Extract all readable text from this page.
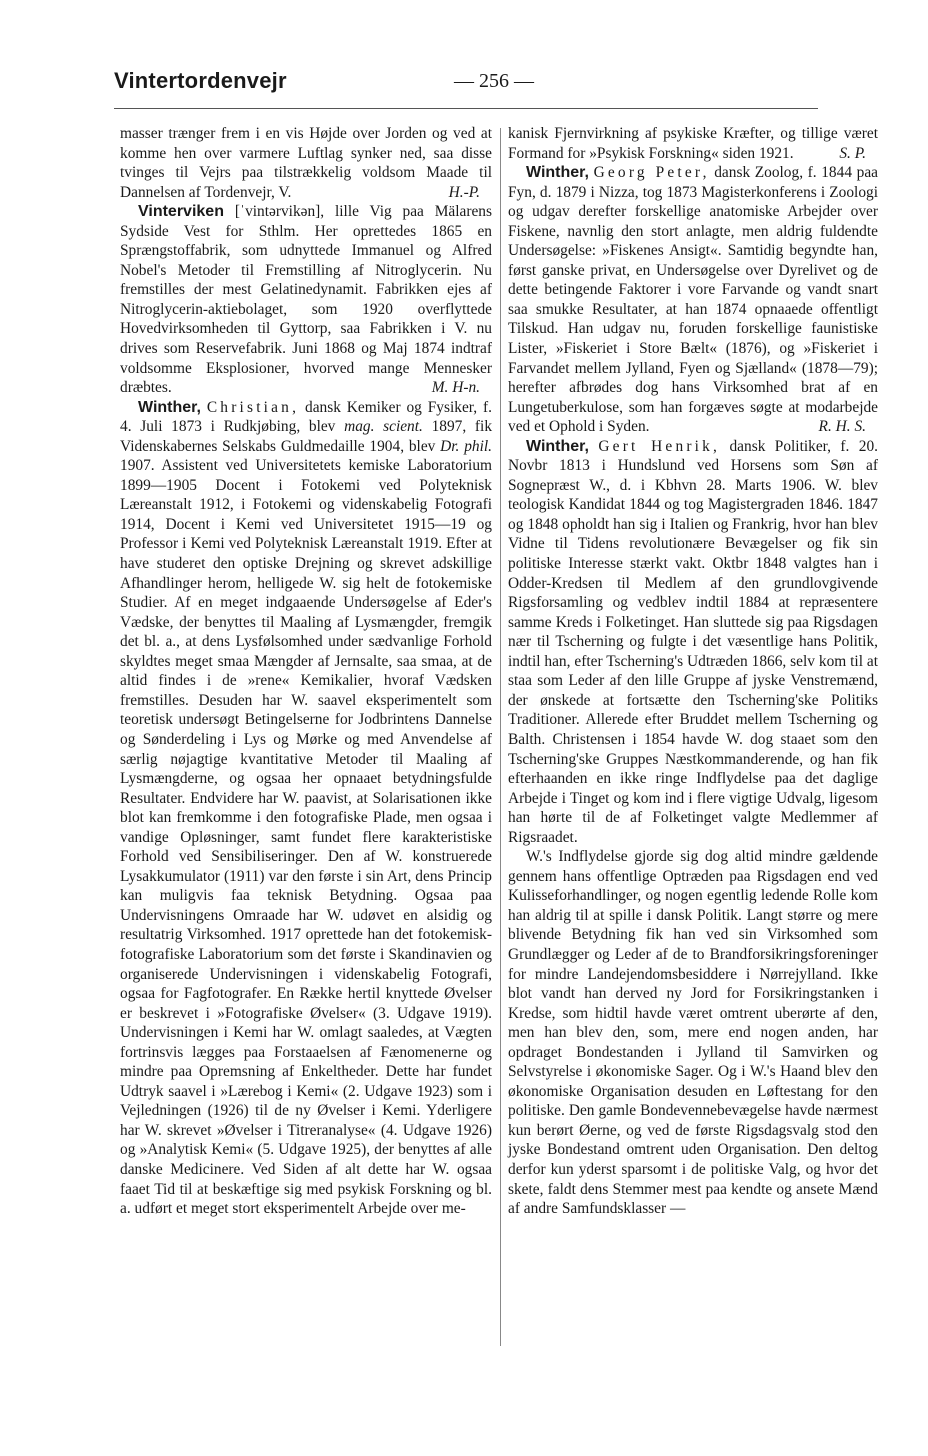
Vintertordenvejr	— 256 —

masser trænger frem i en vis Højde over Jorden og ved at komme hen over varmere Luftlag synker ned, saa disse tvinges til Vejrs paa tilstrækkelig voldsom Maade til Dannelsen af Tordenvejr, V.	H.-P.

Vinterviken [ˈvintərvikən], lille Vig paa Mälarens Sydside Vest for Sthlm. Her oprettedes 1865 en Sprængstoffabrik, som udnyttede Immanuel og Alfred Nobel's Metoder til Fremstilling af Nitroglycerin. Nu fremstilles der mest Gelatinedynamit. Fabrikken ejes af Nitroglycerin-aktiebolaget, som 1920 overflyttede Hovedvirksomheden til Gyttorp, saa Fabrikken i V. nu drives som Reservefabrik. Juni 1868 og Maj 1874 indtraf voldsomme Eksplosioner, hvorved mange Mennesker dræbtes.	M. H-n.

Winther, Christian, dansk Kemiker og Fysiker, f. 4. Juli 1873 i Rudkjøbing, blev mag. scient. 1897, fik Videnskabernes Selskabs Guldmedaille 1904, blev Dr. phil. 1907. Assistent ved Universitetets kemiske Laboratorium 1899—1905 Docent i Fotokemi ved Polyteknisk Læreanstalt 1912, i Fotokemi og videnskabelig Fotografi 1914, Docent i Kemi ved Universitetet 1915—19 og Professor i Kemi ved Polyteknisk Læreanstalt 1919. Efter at have studeret den optiske Drejning og skrevet adskillige Afhandlinger herom, helligede W. sig helt de fotokemiske Studier. Af en meget indgaaende Undersøgelse af Eder's Vædske, der benyttes til Maaling af Lysmængder, fremgik det bl. a., at dens Lysfølsomhed under sædvanlige Forhold skyldtes meget smaa Mængder af Jernsalte, saa smaa, at de altid findes i de »rene« Kemikalier, hvoraf Vædsken fremstilles. Desuden har W. saavel eksperimentelt som teoretisk undersøgt Betingelserne for Jodbrintens Dannelse og Sønderdeling i Lys og Mørke og med Anvendelse af særlig nøjagtige kvantitative Metoder til Maaling af Lysmængderne, og ogsaa her opnaaet betydningsfulde Resultater. Endvidere har W. paavist, at Solarisationen ikke blot kan fremkomme i den fotografiske Plade, men ogsaa i vandige Opløsninger, samt fundet flere karakteristiske Forhold ved Sensibiliseringer. Den af W. konstruerede Lysakkumulator (1911) var den første i sin Art, dens Princip kan muligvis faa teknisk Betydning. Ogsaa paa Undervisningens Omraade har W. udøvet en alsidig og resultatrig Virksomhed. 1917 oprettede han det fotokemisk-fotografiske Laboratorium som det første i Skandinavien og organiserede Undervisningen i videnskabelig Fotografi, ogsaa for Fagfotografer. En Række hertil knyttede Øvelser er beskrevet i »Fotografiske Øvelser« (3. Udgave 1919). Undervisningen i Kemi har W. omlagt saaledes, at Vægten fortrinsvis lægges paa Forstaaelsen af Fænomenerne og mindre paa Opremsning af Enkeltheder. Dette har fundet Udtryk saavel i »Lærebog i Kemi« (2. Udgave 1923) som i Vejledningen (1926) til de ny Øvelser i Kemi. Yderligere har W. skrevet »Øvelser i Titreranalyse« (4. Udgave 1926) og »Analytisk Kemi« (5. Udgave 1925), der benyttes af alle danske Medicinere. Ved Siden af alt dette har W. ogsaa faaet Tid til at beskæftige sig med psykisk Forskning og bl. a. udført et meget stort eksperimentelt Arbejde over me-

kanisk Fjernvirkning af psykiske Kræfter, og tillige været Formand for »Psykisk Forskning« siden 1921.	S. P.

Winther, Georg Peter, dansk Zoolog, f. 1844 paa Fyn, d. 1879 i Nizza, tog 1873 Magisterkonferens i Zoologi og udgav derefter forskellige anatomiske Arbejder over Fiskene, navnlig den stort anlagte, men aldrig fuldendte Undersøgelse: »Fiskenes Ansigt«. Samtidig begyndte han, først ganske privat, en Undersøgelse over Dyrelivet og de dette betingende Faktorer i vore Farvande og vandt snart saa smukke Resultater, at han 1874 opnaaede offentligt Tilskud. Han udgav nu, foruden forskellige faunistiske Lister, »Fiskeriet i Store Bælt« (1876), og »Fiskeriet i Farvandet mellem Jylland, Fyen og Sjælland« (1878—79); herefter afbrødes dog hans Virksomhed brat af en Lungetuberkulose, som han forgæves søgte at modarbejde ved et Ophold i Syden.	R. H. S.

Winther, Gert Henrik, dansk Politiker, f. 20. Novbr 1813 i Hundslund ved Horsens som Søn af Sognepræst W., d. i Kbhvn 28. Marts 1906. W. blev teologisk Kandidat 1844 og tog Magistergraden 1846. 1847 og 1848 opholdt han sig i Italien og Frankrig, hvor han blev Vidne til Tidens revolutionære Bevægelser og fik sin politiske Interesse stærkt vakt. Oktbr 1848 valgtes han i Odder-Kredsen til Medlem af den grundlovgivende Rigsforsamling og vedblev indtil 1884 at repræsentere samme Kreds i Folketinget. Han sluttede sig paa Rigsdagen nær til Tscherning og fulgte i det væsentlige hans Politik, indtil han, efter Tscherning's Udtræden 1866, selv kom til at staa som Leder af den lille Gruppe af jyske Venstremænd, der ønskede at fortsætte den Tscherning'ske Politiks Traditioner. Allerede efter Bruddet mellem Tscherning og Balth. Christensen i 1854 havde W. dog staaet som den Tscherning'ske Gruppes Næstkommanderende, og han fik efterhaanden en ikke ringe Indflydelse paa det daglige Arbejde i Tinget og kom ind i flere vigtige Udvalg, ligesom han hørte til de af Folketinget valgte Medlemmer af Rigsraadet.

W.'s Indflydelse gjorde sig dog altid mindre gældende gennem hans offentlige Optræden paa Rigsdagen end ved Kulisseforhandlinger, og nogen egentlig ledende Rolle kom han aldrig til at spille i dansk Politik. Langt større og mere blivende Betydning fik han ved sin Virksomhed som Grundlægger og Leder af de to Brandforsikringsforeninger for mindre Landejendomsbesiddere i Nørrejylland. Ikke blot vandt han derved ny Jord for Forsikringstanken i Kredse, som hidtil havde været omtrent uberørte af den, men han blev den, som, mere end nogen anden, har opdraget Bondestanden i Jylland til Samvirken og Selvstyrelse i økonomiske Sager. Og i W.'s Haand blev den økonomiske Organisation desuden en Løftestang for den politiske. Den gamle Bondevennebevægelse havde nærmest kun berørt Øerne, og ved de første Rigsdagsvalg stod den jyske Bondestand omtrent uden Organisation. Den deltog derfor kun yderst sparsomt i de politiske Valg, og hvor det skete, faldt dens Stemmer mest paa kendte og ansete Mænd af andre Samfundsklasser —
